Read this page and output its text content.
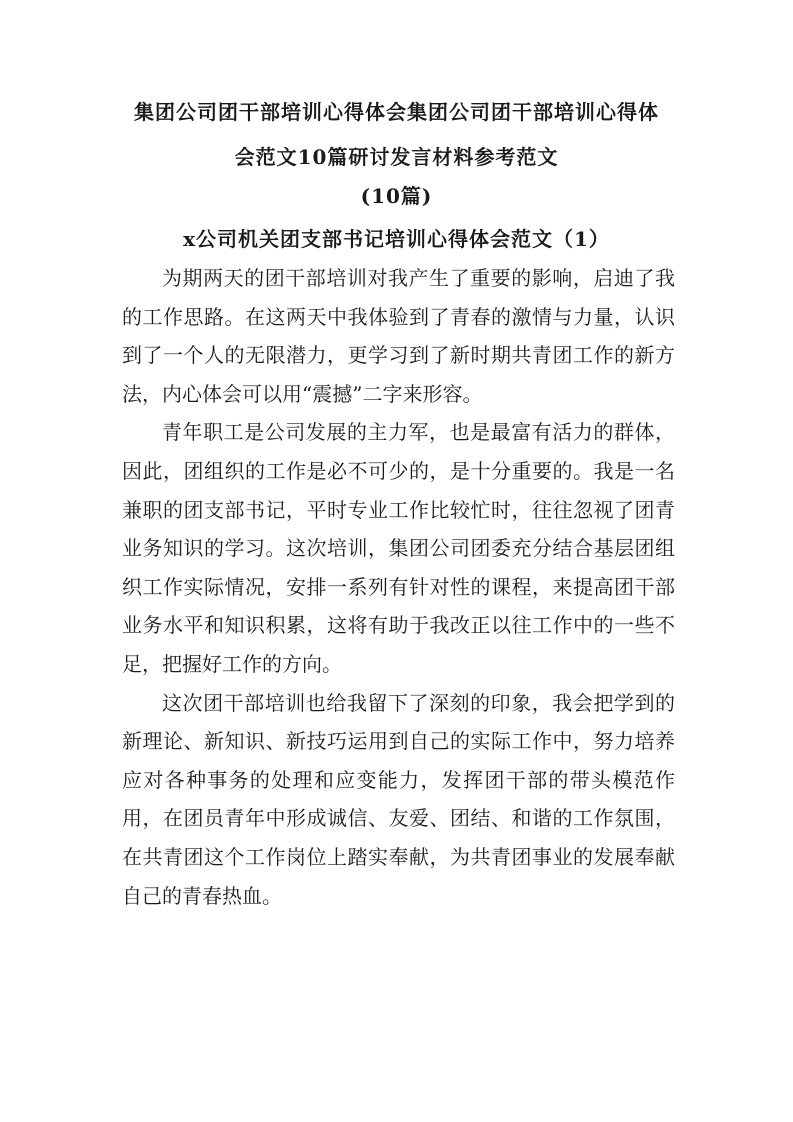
集团公司团干部培训心得体会集团公司团干部培训心得体
会范文10篇研讨发言材料参考范文
(10篇)
x公司机关团支部书记培训心得体会范文（1）

为期两天的团干部培训对我产生了重要的影响，启迪了我的工作思路。在这两天中我体验到了青春的激情与力量，认识到了一个人的无限潜力，更学习到了新时期共青团工作的新方法，内心体会可以用“震撼”二字来形容。

青年职工是公司发展的主力军，也是最富有活力的群体，因此，团组织的工作是必不可少的，是十分重要的。我是一名兼职的团支部书记，平时专业工作比较忙时，往往忽视了团青业务知识的学习。这次培训，集团公司团委充分结合基层团组织工作实际情况，安排一系列有针对性的课程，来提高团干部业务水平和知识积累，这将有助于我改正以往工作中的一些不足，把握好工作的方向。

这次团干部培训也给我留下了深刻的印象，我会把学到的新理论、新知识、新技巧运用到自己的实际工作中，努力培养应对各种事务的处理和应变能力，发挥团干部的带头模范作用，在团员青年中形成诚信、友爱、团结、和谐的工作氛围，在共青团这个工作岗位上踏实奉献，为共青团事业的发展奉献自己的青春热血。
